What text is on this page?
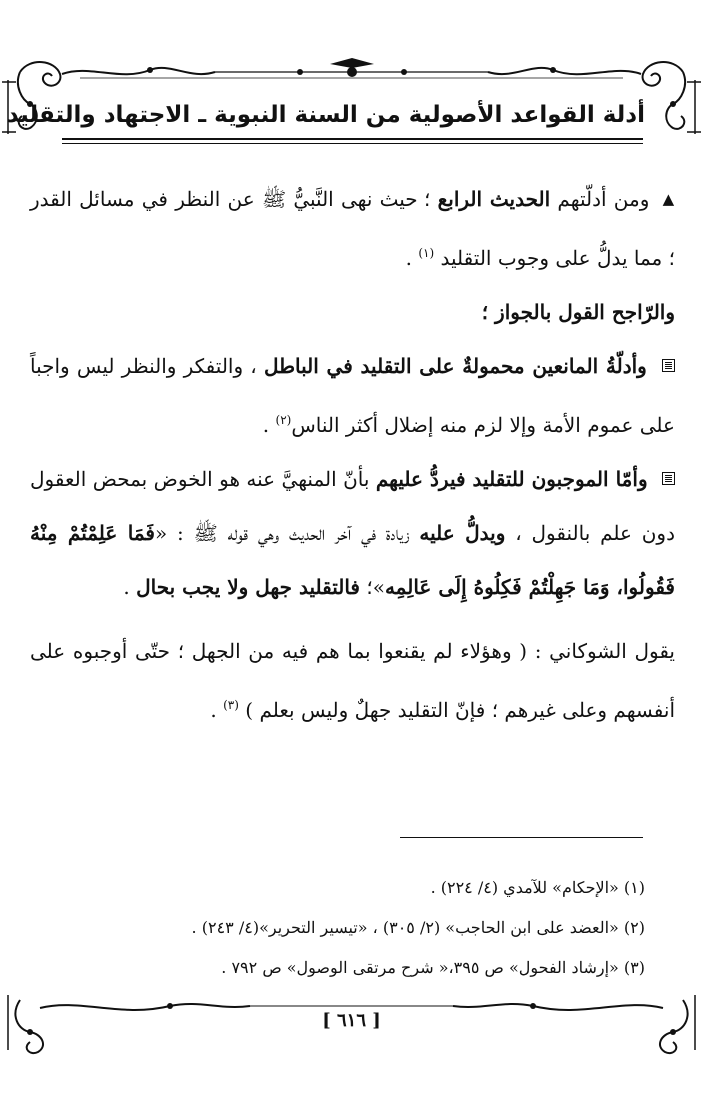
أدلة القواعد الأصولية من السنة النبوية ـ الاجتهاد والتقليد

▲ ومن أدلّتهم الحديث الرابع ؛ حيث نهى النَّبيُّ ﷺ عن النظر في مسائل القدر ؛ مما يدلُّ على وجوب التقليد $^{(١)}$ .

والرّاجح القول بالجواز ؛

وأدلّةُ المانعين محمولةٌ على التقليد في الباطل ، والتفكر والنظر ليس واجباً على عموم الأمة وإلا لزم منه إضلال أكثر الناس$^{(٢)}$ .

وأمّا الموجبون للتقليد فيردُّ عليهم بأنّ المنهيَّ عنه هو الخوض بمحض العقول دون علم بالنقول ، ويدلُّ عليه زيادة في آخر الحديث وهي قوله ﷺ : «فَمَا عَلِمْتُمْ مِنْهُ فَقُولُوا، وَمَا جَهِلْتُمْ فَكِلُوهُ إِلَى عَالِمِه»؛ فالتقليد جهل ولا يجب بحال .

يقول الشوكاني : ( وهؤلاء لم يقنعوا بما هم فيه من الجهل ؛ حتّى أوجبوه على أنفسهم وعلى غيرهم ؛ فإنّ التقليد جهلٌ وليس بعلم ) $^{(٣)}$ .

(١) «الإحكام» للآمدي (٤/ ٢٢٤) .

(٢) «العضد على ابن الحاجب» (٢/ ٣٠٥) ، «تيسير التحرير»(٤/ ٢٤٣) .

(٣) «إرشاد الفحول» ص ٣٩٥،« شرح مرتقى الوصول» ص ٧٩٢ .

[ ٦١٦ ]
